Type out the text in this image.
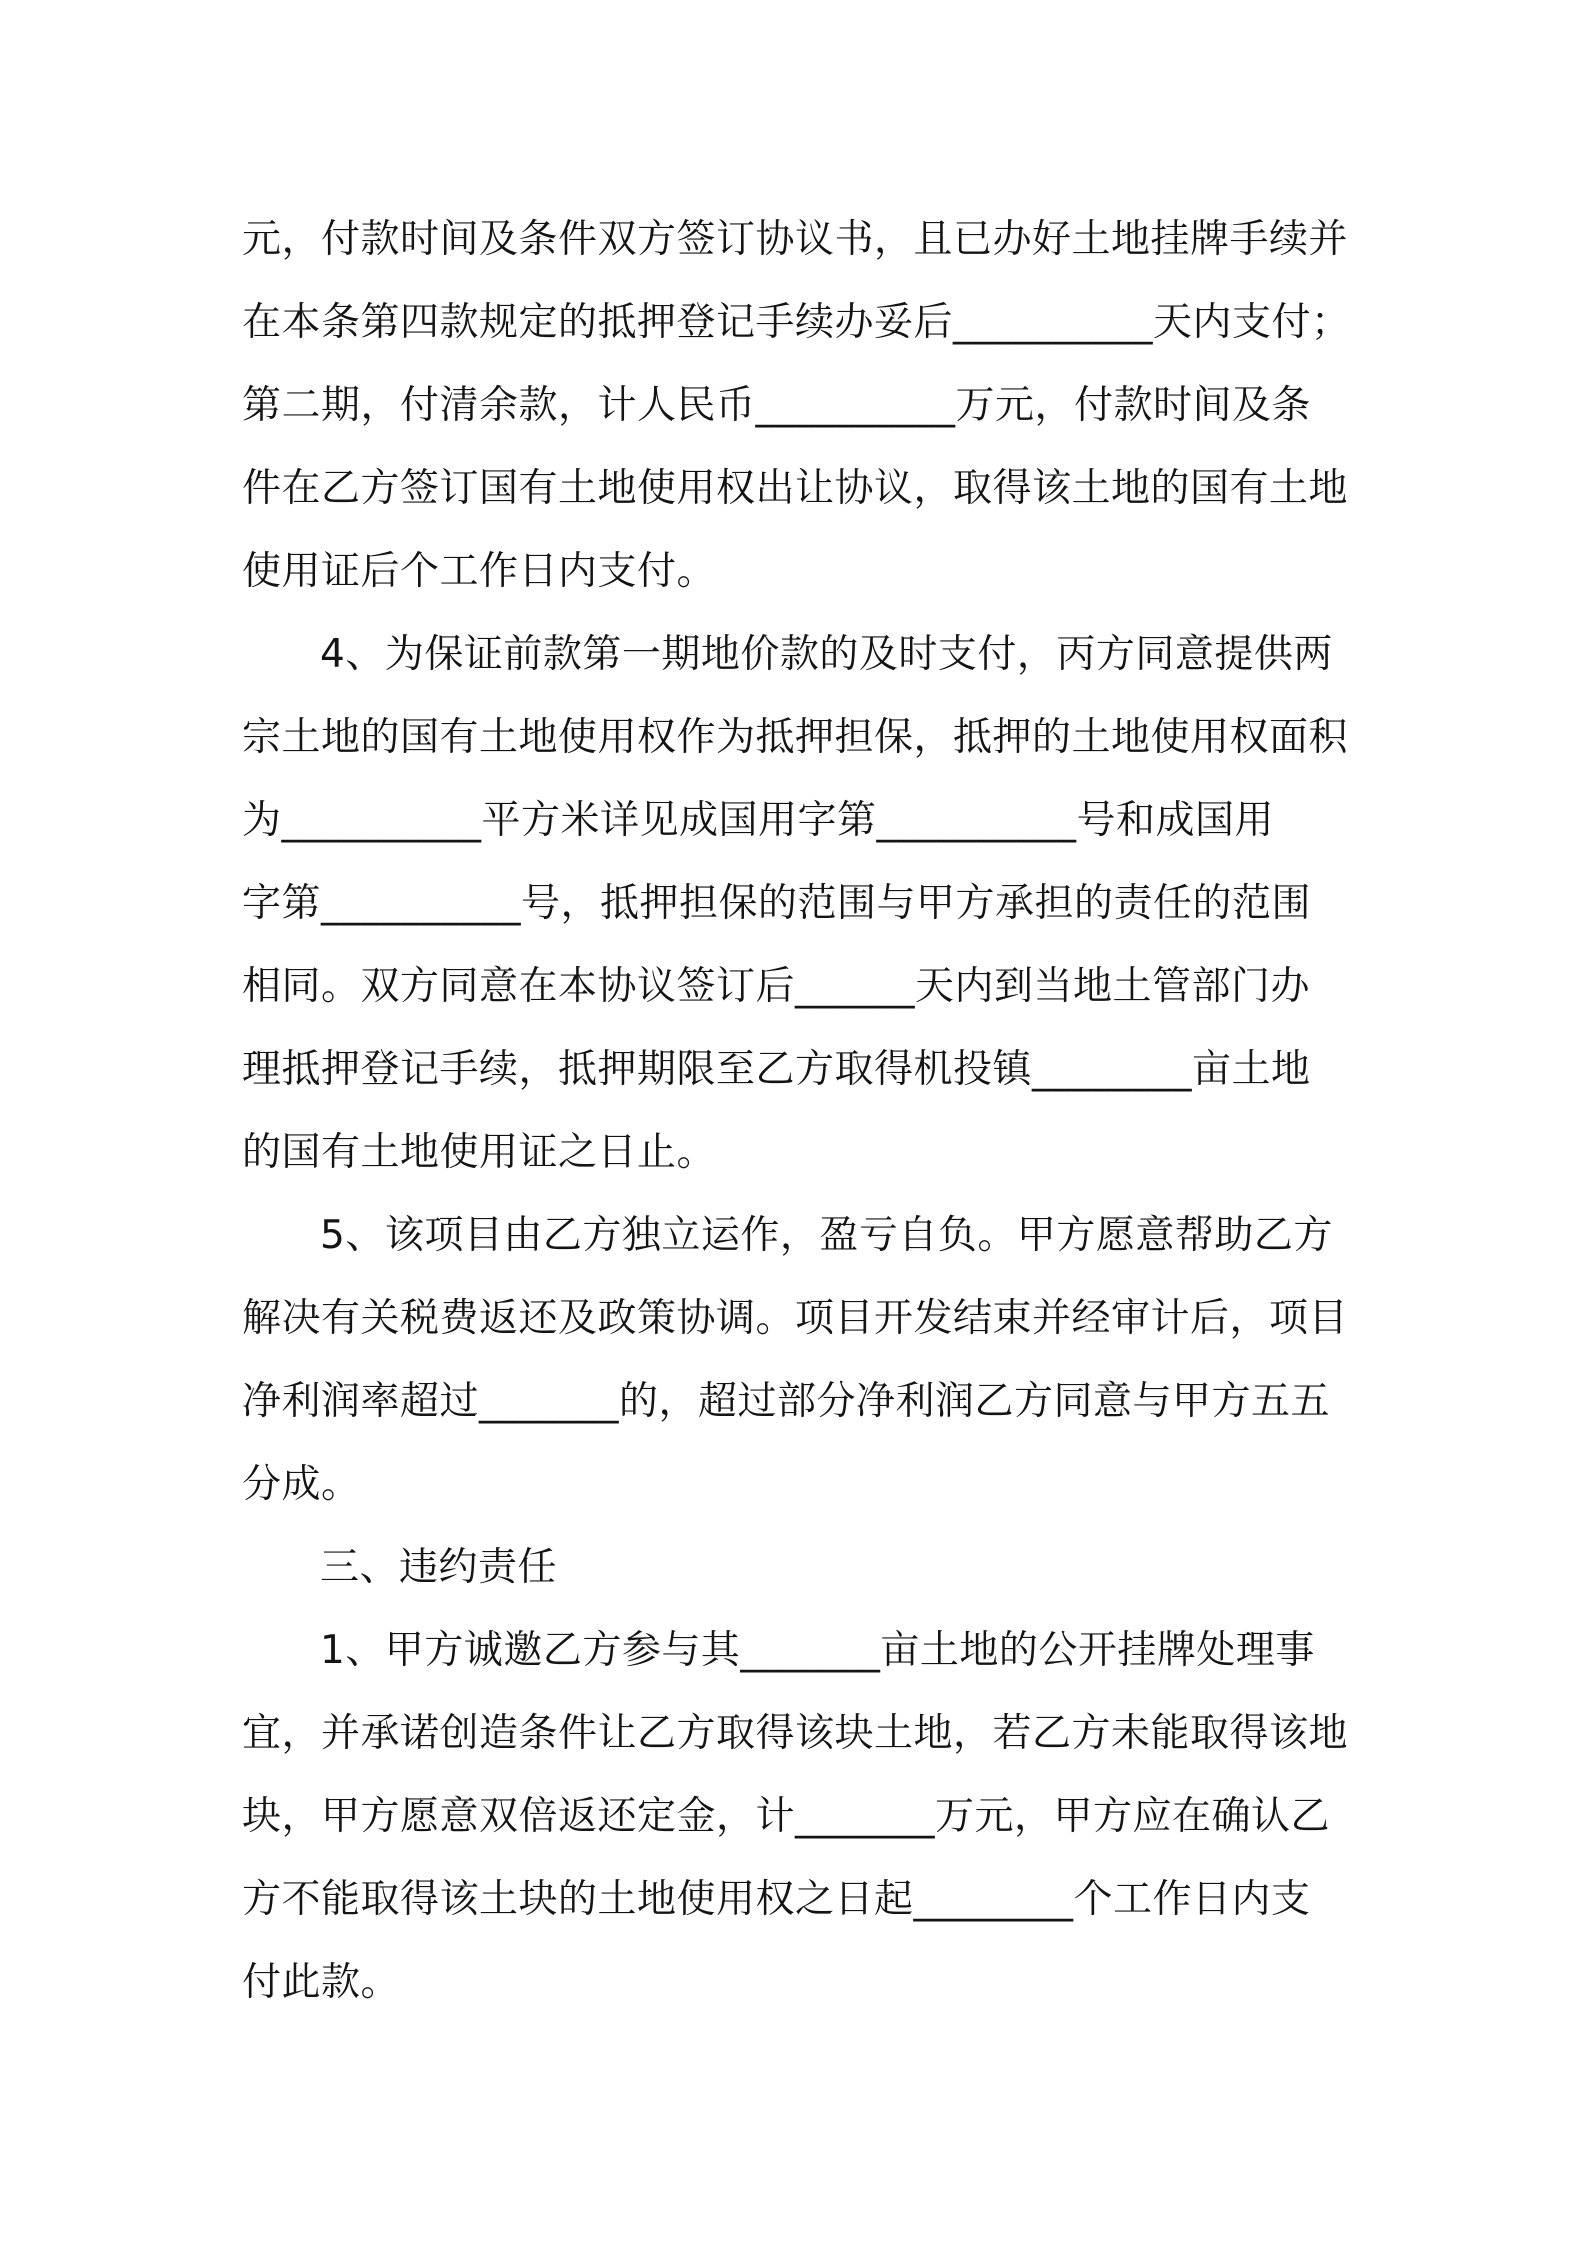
元，付款时间及条件双方签订协议书，且已办好土地挂牌手续并
在本条第四款规定的抵押登记手续办妥后__________天内支付；
第二期，付清余款，计人民币__________万元，付款时间及条
件在乙方签订国有土地使用权出让协议，取得该土地的国有土地
使用证后个工作日内支付。
4、为保证前款第一期地价款的及时支付，丙方同意提供两
宗土地的国有土地使用权作为抵押担保，抵押的土地使用权面积
为__________平方米详见成国用字第__________号和成国用
字第__________号，抵押担保的范围与甲方承担的责任的范围
相同。双方同意在本协议签订后______天内到当地土管部门办
理抵押登记手续，抵押期限至乙方取得机投镇________亩土地
的国有土地使用证之日止。
5、该项目由乙方独立运作，盈亏自负。甲方愿意帮助乙方
解决有关税费返还及政策协调。项目开发结束并经审计后，项目
净利润率超过_______的，超过部分净利润乙方同意与甲方五五
分成。
三、违约责任
1、甲方诚邀乙方参与其_______亩土地的公开挂牌处理事
宜，并承诺创造条件让乙方取得该块土地，若乙方未能取得该地
块，甲方愿意双倍返还定金，计_______万元，甲方应在确认乙
方不能取得该土块的土地使用权之日起________个工作日内支
付此款。
